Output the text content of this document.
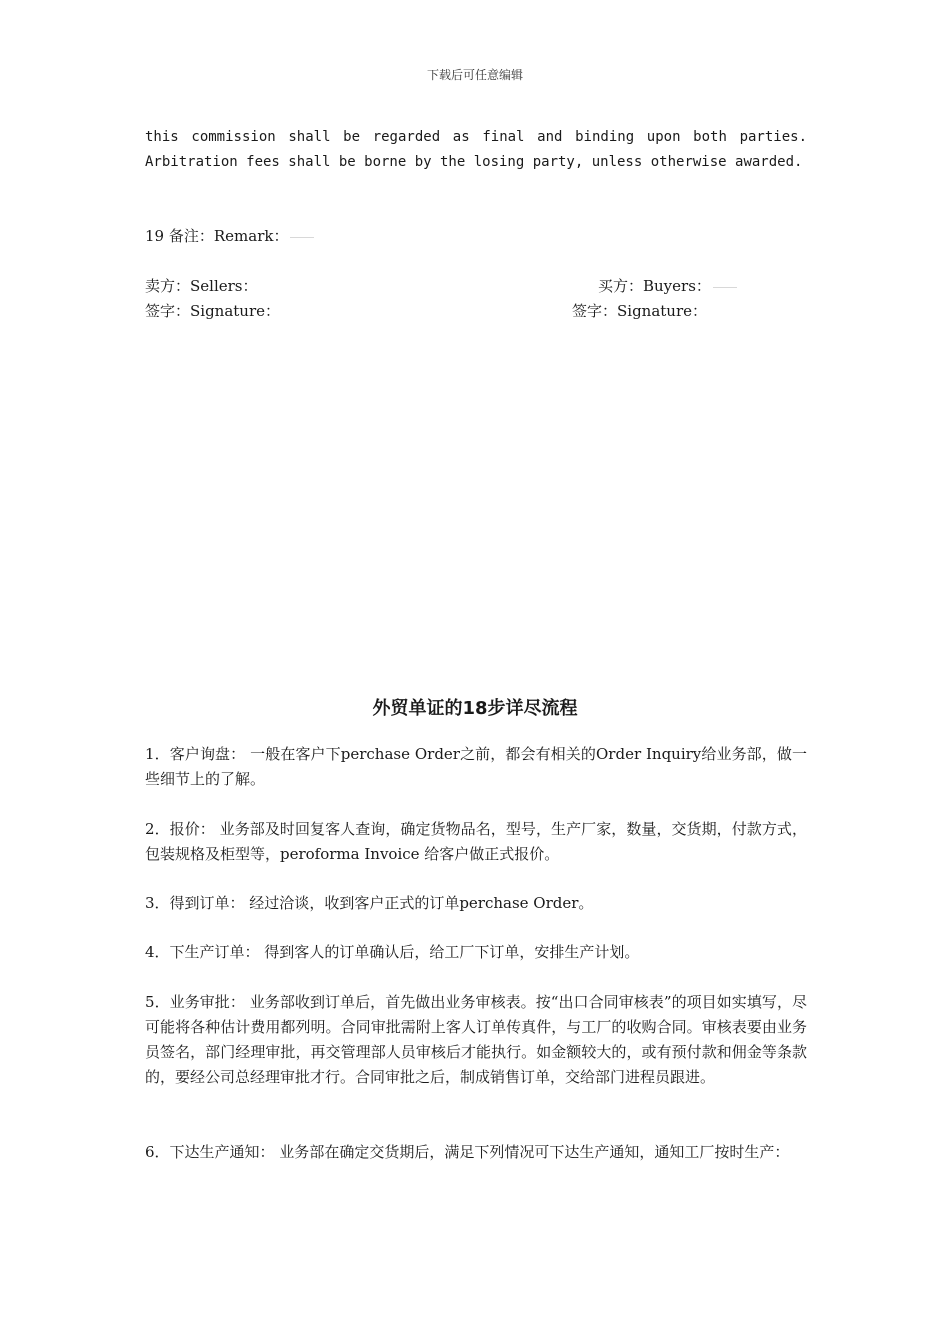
下载后可任意编辑
this commission shall be regarded as final and binding upon both parties.
Arbitration fees shall be borne by the losing party, unless otherwise awarded.
19 备注：Remark：
卖方：Sellers：	买方：Buyers：
签字：Signature：	签字：Signature：
外贸单证的18步详尽流程
1．客户询盘： 一般在客户下perchase Order之前，都会有相关的Order Inquiry给业务部，做一些细节上的了解。
2．报价： 业务部及时回复客人查询，确定货物品名，型号，生产厂家，数量，交货期，付款方式，包装规格及柜型等，peroforma Invoice 给客户做正式报价。
3．得到订单： 经过洽谈，收到客户正式的订单perchase Order。
4．下生产订单： 得到客人的订单确认后，给工厂下订单，安排生产计划。
5．业务审批： 业务部收到订单后，首先做出业务审核表。按“出口合同审核表”的项目如实填写，尽可能将各种估计费用都列明。合同审批需附上客人订单传真件，与工厂的收购合同。审核表要由业务员签名，部门经理审批，再交管理部人员审核后才能执行。如金额较大的，或有预付款和佣金等条款的，要经公司总经理审批才行。合同审批之后，制成销售订单，交给部门进程员跟进。
6．下达生产通知： 业务部在确定交货期后，满足下列情况可下达生产通知，通知工厂按时生产：
